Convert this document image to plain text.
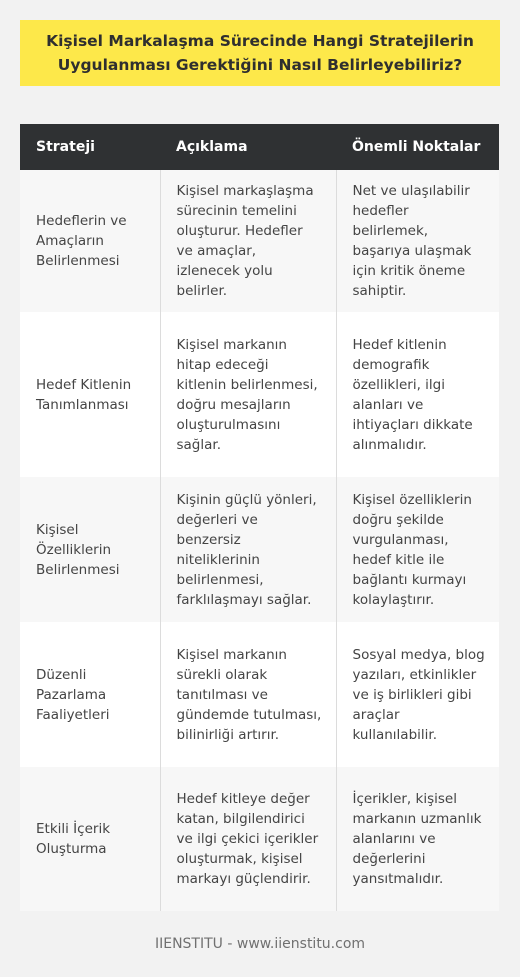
Kişisel Markalaşma Sürecinde Hangi Stratejilerin
Uygulanması Gerektiğini Nasıl Belirleyebiliriz?
Strateji	Açıklama	Önemli Noktalar
Hedeflerin ve Amaçların Belirlenmesi	Kişisel markaşlaşma sürecinin temelini oluşturur. Hedefler ve amaçlar, izlenecek yolu belirler.	Net ve ulaşılabilir hedefler belirlemek, başarıya ulaşmak için kritik öneme sahiptir.
Hedef Kitlenin Tanımlanması	Kişisel markanın hitap edeceği kitlenin belirlenmesi, doğru mesajların oluşturulmasını sağlar.	Hedef kitlenin demografik özellikleri, ilgi alanları ve ihtiyaçları dikkate alınmalıdır.
Kişisel Özelliklerin Belirlenmesi	Kişinin güçlü yönleri, değerleri ve benzersiz niteliklerinin belirlenmesi, farklılaşmayı sağlar.	Kişisel özelliklerin doğru şekilde vurgulanması, hedef kitle ile bağlantı kurmayı kolaylaştırır.
Düzenli Pazarlama Faaliyetleri	Kişisel markanın sürekli olarak tanıtılması ve gündemde tutulması, bilinirliği artırır.	Sosyal medya, blog yazıları, etkinlikler ve iş birlikleri gibi araçlar kullanılabilir.
Etkili İçerik Oluşturma	Hedef kitleye değer katan, bilgilendirici ve ilgi çekici içerikler oluşturmak, kişisel markayı güçlendirir.	İçerikler, kişisel markanın uzmanlık alanlarını ve değerlerini yansıtmalıdır.
IIENSTITU - www.iienstitu.com
